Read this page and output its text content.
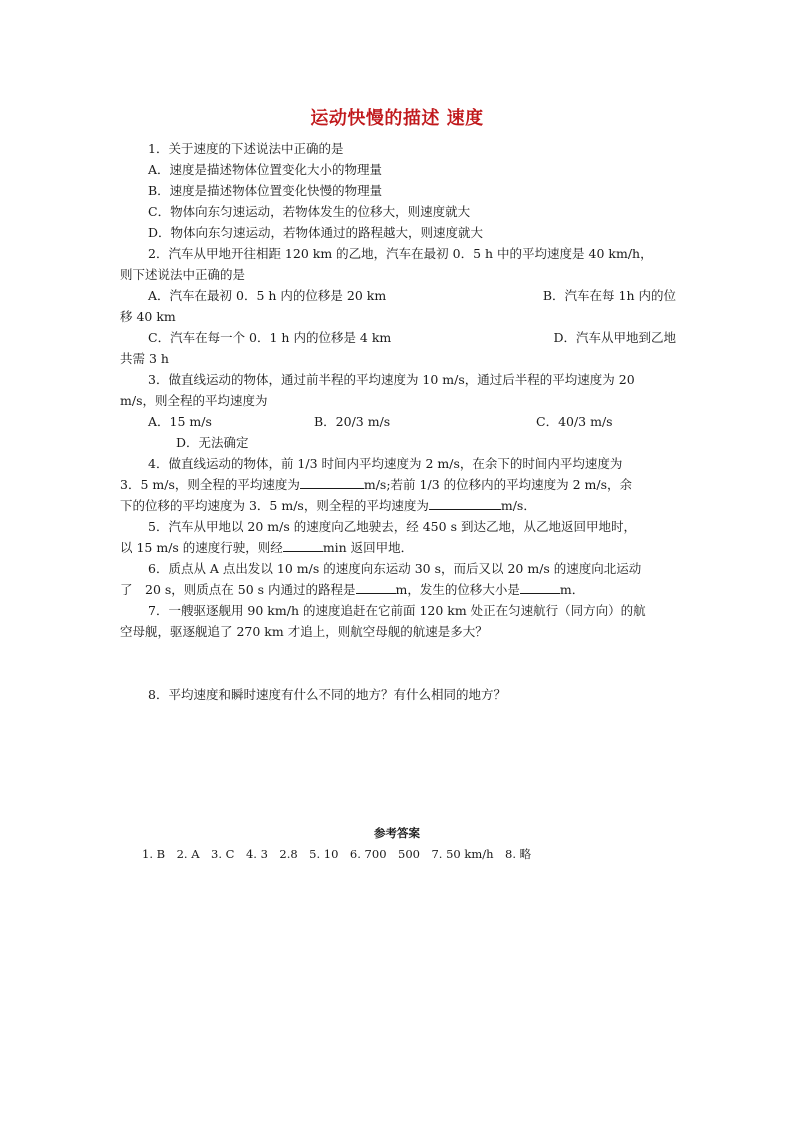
运动快慢的描述 速度
1．关于速度的下述说法中正确的是
A．速度是描述物体位置变化大小的物理量
B．速度是描述物体位置变化快慢的物理量
C．物体向东匀速运动，若物体发生的位移大，则速度就大
D．物体向东匀速运动，若物体通过的路程越大，则速度就大
2．汽车从甲地开往相距 120 km 的乙地，汽车在最初 0．5 h 中的平均速度是 40 km/h，
则下述说法中正确的是
A．汽车在最初 0．5 h 内的位移是 20 km	B．汽车在每 1h 内的位
移 40 km
C．汽车在每一个 0．1 h 内的位移是 4 km	D．汽车从甲地到乙地
共需 3 h
3．做直线运动的物体，通过前半程的平均速度为 10 m/s，通过后半程的平均速度为 20
m/s，则全程的平均速度为
A．15 m/s	B．20/3 m/s	C．40/3 m/s
D．无法确定
4．做直线运动的物体，前 1/3 时间内平均速度为 2 m/s，在余下的时间内平均速度为
3．5 m/s，则全程的平均速度为	m/s;若前 1/3 的位移内的平均速度为 2 m/s，余
下的位移的平均速度为 3．5 m/s，则全程的平均速度为	m/s．
5．汽车从甲地以 20 m/s 的速度向乙地驶去，经 450 s 到达乙地，从乙地返回甲地时，
以 15 m/s 的速度行驶，则经	min 返回甲地．
6．质点从 A 点出发以 10 m/s 的速度向东运动 30 s，而后又以 20 m/s 的速度向北运动
了　20 s，则质点在 50 s 内通过的路程是	m，发生的位移大小是	m．
7．一艘驱逐舰用 90 km/h 的速度追赶在它前面 120 km 处正在匀速航行（同方向）的航
空母舰，驱逐舰追了 270 km 才追上，则航空母舰的航速是多大？
8．平均速度和瞬时速度有什么不同的地方？有什么相同的地方？
参考答案
1. B　2. A　3. C　4. 3　2.8　5. 10　6. 700　500　7. 50 km/h　8. 略
